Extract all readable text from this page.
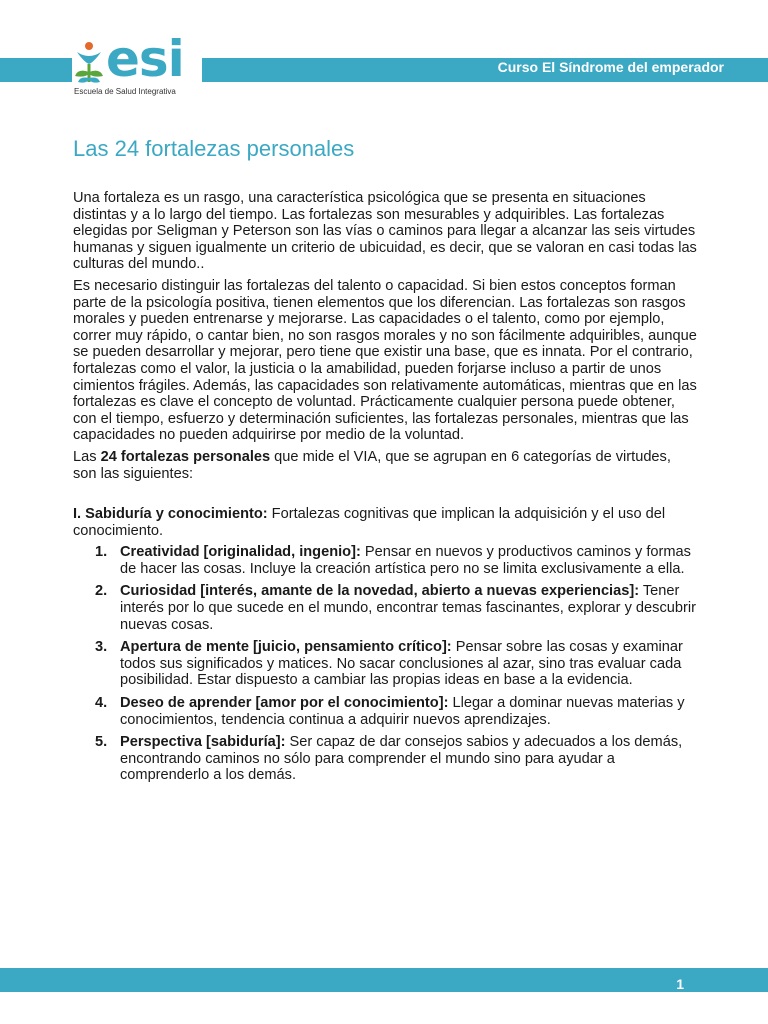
Curso El Síndrome del emperador
esi
Escuela de Salud Integrativa
Las 24 fortalezas personales

Una fortaleza es un rasgo, una característica psicológica que se presenta en situaciones distintas y a lo largo del tiempo. Las fortalezas son mesurables y adquiribles. Las fortalezas elegidas por Seligman y Peterson son las vías o caminos para llegar a alcanzar las seis virtudes humanas y siguen igualmente un criterio de ubicuidad, es decir, que se valoran en casi todas las culturas del mundo..

Es necesario distinguir las fortalezas del talento o capacidad. Si bien estos conceptos forman parte de la psicología positiva, tienen elementos que los diferencian. Las fortalezas son rasgos morales y pueden entrenarse y mejorarse. Las capacidades o el talento, como por ejemplo, correr muy rápido, o cantar bien, no son rasgos morales y no son fácilmente adquiribles, aunque se pueden desarrollar y mejorar, pero tiene que existir una base, que es innata. Por el contrario, fortalezas como el valor, la justicia o la amabilidad, pueden forjarse incluso a partir de unos cimientos frágiles. Además, las capacidades son relativamente automáticas, mientras que en las fortalezas es clave el concepto de voluntad. Prácticamente cualquier persona puede obtener, con el tiempo, esfuerzo y determinación suficientes, las fortalezas personales, mientras que las capacidades no pueden adquirirse por medio de la voluntad.

Las 24 fortalezas personales que mide el VIA, que se agrupan en 6 categorías de virtudes, son las siguientes:

I. Sabiduría y conocimiento: Fortalezas cognitivas que implican la adquisición y el uso del conocimiento.

1. Creatividad [originalidad, ingenio]: Pensar en nuevos y productivos caminos y formas de hacer las cosas. Incluye la creación artística pero no se limita exclusivamente a ella.
2. Curiosidad [interés, amante de la novedad, abierto a nuevas experiencias]: Tener interés por lo que sucede en el mundo, encontrar temas fascinantes, explorar y descubrir nuevas cosas.
3. Apertura de mente [juicio, pensamiento crítico]: Pensar sobre las cosas y examinar todos sus significados y matices. No sacar conclusiones al azar, sino tras evaluar cada posibilidad. Estar dispuesto a cambiar las propias ideas en base a la evidencia.
4. Deseo de aprender [amor por el conocimiento]: Llegar a dominar nuevas materias y conocimientos, tendencia continua a adquirir nuevos aprendizajes.
5. Perspectiva [sabiduría]: Ser capaz de dar consejos sabios y adecuados a los demás, encontrando caminos no sólo para comprender el mundo sino para ayudar a comprenderlo a los demás.
1
